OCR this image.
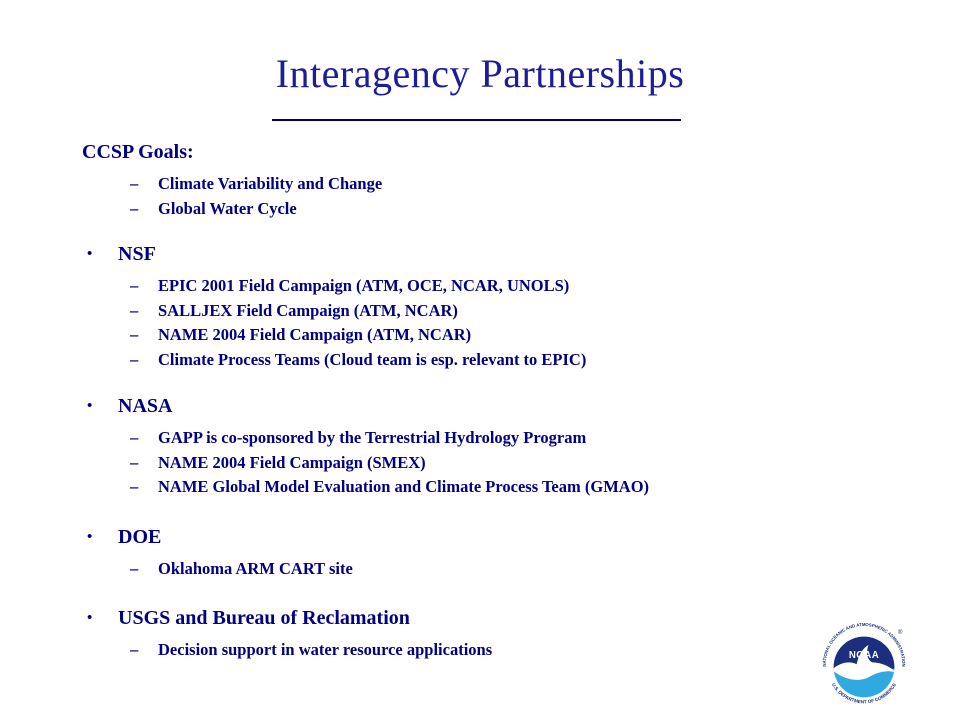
Interagency Partnerships
CCSP Goals:
–	Climate Variability and Change
–	Global Water Cycle
•	NSF
–	EPIC 2001 Field Campaign (ATM, OCE, NCAR, UNOLS)
–	SALLJEX Field Campaign (ATM, NCAR)
–	NAME 2004 Field Campaign (ATM, NCAR)
–	Climate Process Teams (Cloud team is esp. relevant to EPIC)
•	NASA
–	GAPP is co-sponsored by the Terrestrial Hydrology Program
–	NAME 2004 Field Campaign (SMEX)
–	NAME Global Model Evaluation and Climate Process Team (GMAO)
•	DOE
–	Oklahoma ARM CART site
•	USGS and Bureau of Reclamation
–	Decision support in water resource applications	NOAA
NATIONAL OCEANIC AND ATMOSPHERIC ADMINISTRATION
U.S. DEPARTMENT OF COMMERCE
®
